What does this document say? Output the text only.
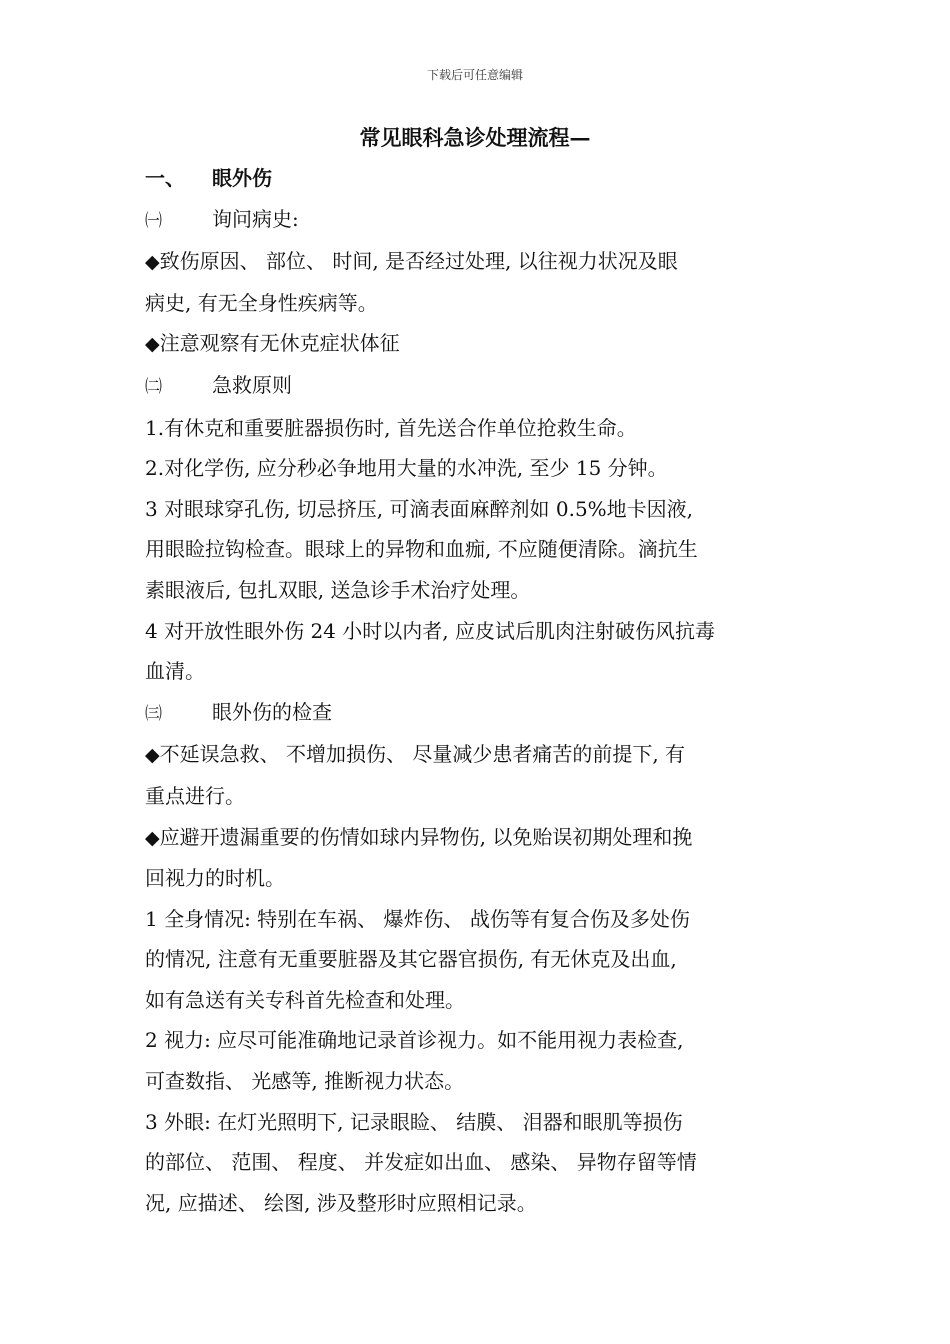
下载后可任意编辑
常见眼科急诊处理流程—
一、 眼外伤
㈠	询问病史:
◆致伤原因、 部位、 时间, 是否经过处理, 以往视力状况及眼
病史, 有无全身性疾病等。
◆注意观察有无休克症状体征
㈡	急救原则
1.有休克和重要脏器损伤时, 首先送合作单位抢救生命。
2.对化学伤, 应分秒必争地用大量的水冲洗, 至少 15 分钟。
3 对眼球穿孔伤, 切忌挤压, 可滴表面麻醉剂如 0.5%地卡因液,
用眼睑拉钩检查。眼球上的异物和血痂, 不应随便清除。滴抗生
素眼液后, 包扎双眼, 送急诊手术治疗处理。
4 对开放性眼外伤 24 小时以内者, 应皮试后肌肉注射破伤风抗毒
血清。
㈢	眼外伤的检查
◆不延误急救、 不增加损伤、 尽量减少患者痛苦的前提下, 有
重点进行。
◆应避开遗漏重要的伤情如球内异物伤, 以免贻误初期处理和挽
回视力的时机。
1 全身情况: 特别在车祸、 爆炸伤、 战伤等有复合伤及多处伤
的情况, 注意有无重要脏器及其它器官损伤, 有无休克及出血,
如有急送有关专科首先检查和处理。
2 视力: 应尽可能准确地记录首诊视力。如不能用视力表检查,
可查数指、 光感等, 推断视力状态。
3 外眼: 在灯光照明下, 记录眼睑、 结膜、 泪器和眼肌等损伤
的部位、 范围、 程度、 并发症如出血、 感染、 异物存留等情
况, 应描述、 绘图, 涉及整形时应照相记录。
